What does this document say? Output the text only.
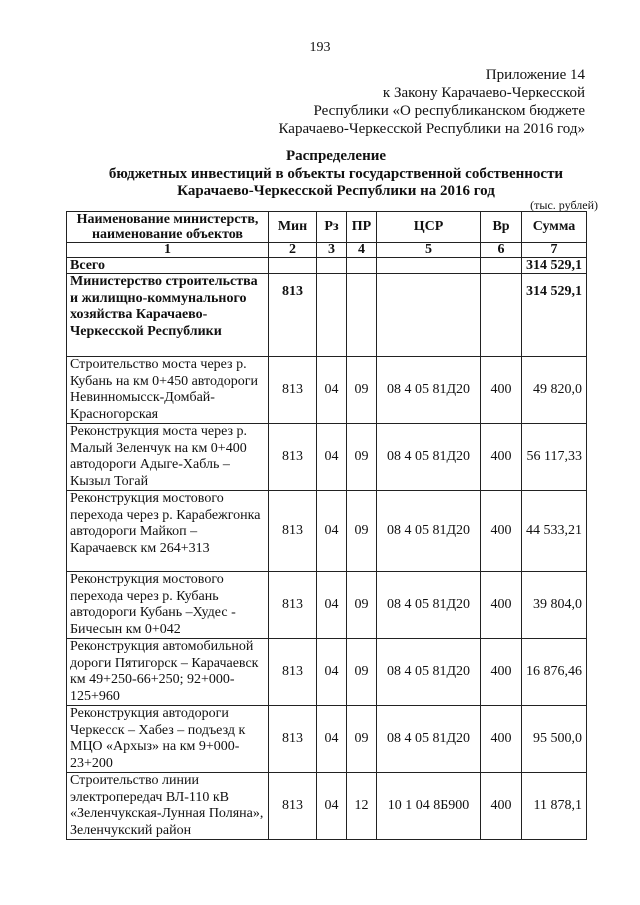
193
Приложение 14
к Закону Карачаево-Черкесской
Республики «О республиканском бюджете
Карачаево-Черкесской Республики на 2016 год»
Распределение
бюджетных инвестиций в объекты государственной собственности
Карачаево-Черкесской Республики на 2016 год
(тыс. рублей)
Наименование министерств, наименование объектов	Мин	Рз	ПР	ЦСР	Вр	Сумма
1	2	3	4	5	6	7
Всего						314 529,1
Министерство строительства и жилищно-коммунального хозяйства Карачаево-Черкесской Республики	813					314 529,1
Строительство моста через р. Кубань на км 0+450 автодороги Невинномысск-Домбай-Красногорская	813	04	09	08 4 05 81Д20	400	49 820,0
Реконструкция моста через р. Малый Зеленчук на км 0+400 автодороги Адыге-Хабль – Кызыл Тогай	813	04	09	08 4 05 81Д20	400	56 117,33
Реконструкция мостового перехода через р. Карабежгонка автодороги Майкоп – Карачаевск км 264+313	813	04	09	08 4 05 81Д20	400	44 533,21
Реконструкция мостового перехода через р. Кубань автодороги Кубань –Худес - Бичесын км 0+042	813	04	09	08 4 05 81Д20	400	39 804,0
Реконструкция автомобильной дороги Пятигорск – Карачаевск км 49+250-66+250; 92+000-125+960	813	04	09	08 4 05 81Д20	400	16 876,46
Реконструкция автодороги Черкесск – Хабез – подъезд к МЦО «Архыз» на км 9+000-23+200	813	04	09	08 4 05 81Д20	400	95 500,0
Строительство линии электропередач ВЛ-110 кВ «Зеленчукская-Лунная Поляна», Зеленчукский район	813	04	12	10 1 04 8Б900	400	11 878,1
